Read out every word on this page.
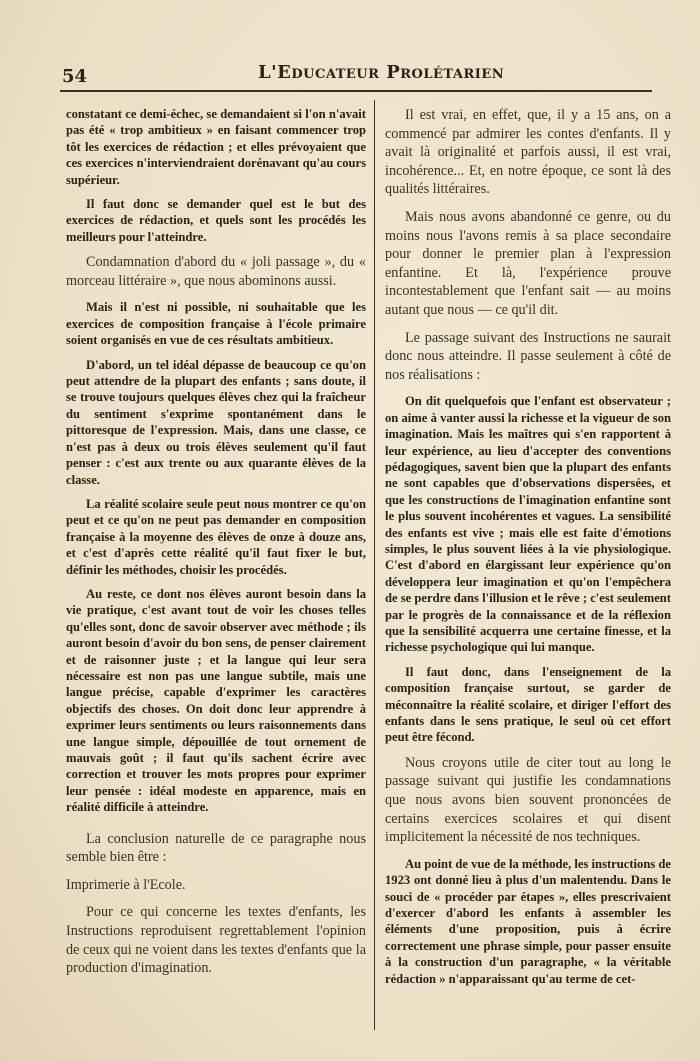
54	L'Educateur Prolétarien

constatant ce demi-échec, se demandaient si l'on n'avait pas été « trop ambitieux » en faisant commencer trop tôt les exercices de rédaction ; et elles prévoyaient que ces exercices n'interviendraient dorénavant qu'au cours supérieur.

Il faut donc se demander quel est le but des exercices de rédaction, et quels sont les procédés les meilleurs pour l'atteindre.

Condamnation d'abord du « joli passage », du « morceau littéraire », que nous abominons aussi.

Mais il n'est ni possible, ni souhaitable que les exercices de composition française à l'école primaire soient organisés en vue de ces résultats ambitieux.

D'abord, un tel idéal dépasse de beaucoup ce qu'on peut attendre de la plupart des enfants ; sans doute, il se trouve toujours quelques élèves chez qui la fraîcheur du sentiment s'exprime spontanément dans le pittoresque de l'expression. Mais, dans une classe, ce n'est pas à deux ou trois élèves seulement qu'il faut penser : c'est aux trente ou aux quarante élèves de la classe.

La réalité scolaire seule peut nous montrer ce qu'on peut et ce qu'on ne peut pas demander en composition française à la moyenne des élèves de onze à douze ans, et c'est d'après cette réalité qu'il faut fixer le but, définir les méthodes, choisir les procédés.

Au reste, ce dont nos élèves auront besoin dans la vie pratique, c'est avant tout de voir les choses telles qu'elles sont, donc de savoir observer avec méthode ; ils auront besoin d'avoir du bon sens, de penser clairement et de raisonner juste ; et la langue qui leur sera nécessaire est non pas une langue subtile, mais une langue précise, capable d'exprimer les caractères objectifs des choses. On doit donc leur apprendre à exprimer leurs sentiments ou leurs raisonnements dans une langue simple, dépouillée de tout ornement de mauvais goût ; il faut qu'ils sachent écrire avec correction et trouver les mots propres pour exprimer leur pensée : idéal modeste en apparence, mais en réalité difficile à atteindre.

La conclusion naturelle de ce paragraphe nous semble bien être :

Imprimerie à l'Ecole.

Pour ce qui concerne les textes d'enfants, les Instructions reproduisent regrettablement l'opinion de ceux qui ne voient dans les textes d'enfants que la production d'imagination.

Il est vrai, en effet, que, il y a 15 ans, on a commencé par admirer les contes d'enfants. Il y avait là originalité et parfois aussi, il est vrai, incohérence... Et, en notre époque, ce sont là des qualités littéraires.

Mais nous avons abandonné ce genre, ou du moins nous l'avons remis à sa place secondaire pour donner le premier plan à l'expression enfantine. Et là, l'expérience prouve incontestablement que l'enfant sait — au moins autant que nous — ce qu'il dit.

Le passage suivant des Instructions ne saurait donc nous atteindre. Il passe seulement à côté de nos réalisations :

On dit quelquefois que l'enfant est observateur ; on aime à vanter aussi la richesse et la vigueur de son imagination. Mais les maîtres qui s'en rapportent à leur expérience, au lieu d'accepter des conventions pédagogiques, savent bien que la plupart des enfants ne sont capables que d'observations dispersées, et que les constructions de l'imagination enfantine sont le plus souvent incohérentes et vagues. La sensibilité des enfants est vive ; mais elle est faite d'émotions simples, le plus souvent liées à la vie physiologique. C'est d'abord en élargissant leur expérience qu'on développera leur imagination et qu'on l'empêchera de se perdre dans l'illusion et le rêve ; c'est seulement par le progrès de la connaissance et de la réflexion que la sensibilité acquerra une certaine finesse, et la richesse psychologique qui lui manque.

Il faut donc, dans l'enseignement de la composition française surtout, se garder de méconnaître la réalité scolaire, et diriger l'effort des enfants dans le sens pratique, le seul où cet effort peut être fécond.

Nous croyons utile de citer tout au long le passage suivant qui justifie les condamnations que nous avons bien souvent prononcées de certains exercices scolaires et qui disent implicitement la nécessité de nos techniques.

Au point de vue de la méthode, les instructions de 1923 ont donné lieu à plus d'un malentendu. Dans le souci de « procéder par étapes », elles prescrivaient d'exercer d'abord les enfants à assembler les éléments d'une proposition, puis à écrire correctement une phrase simple, pour passer ensuite à la construction d'un paragraphe, « la véritable rédaction » n'apparaissant qu'au terme de cet-
